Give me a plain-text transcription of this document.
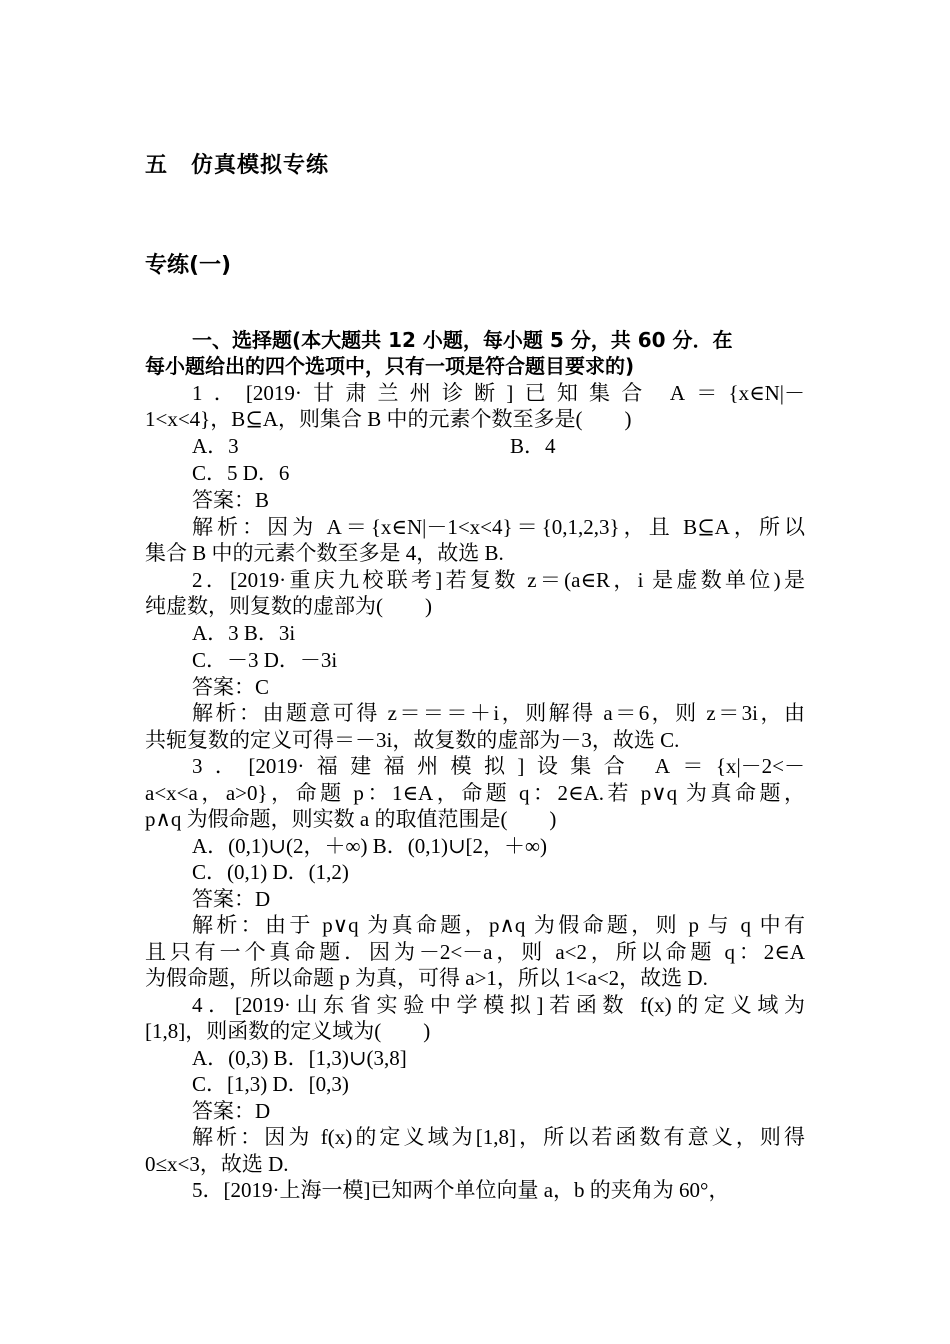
五　仿真模拟专练
专练(一)
一、选择题(本大题共 12 小题，每小题 5 分，共 60 分．在
每小题给出的四个选项中，只有一项是符合题目要求的)
1．[2019·甘肃兰州诊断]已知集合 A＝{x∈N|－
1<x<4}，B⊆A，则集合 B 中的元素个数至多是(　　)
A．3	B．4
C．5 D．6
答案：B
解析：因为 A＝{x∈N|－1<x<4}＝{0,1,2,3}，且 B⊆A，所以
集合 B 中的元素个数至多是 4，故选 B.
2．[2019·重庆九校联考]若复数 z＝(a∈R，i 是虚数单位)是
纯虚数，则复数的虚部为(　　)
A．3 B．3i
C．－3 D．－3i
答案：C
解析：由题意可得 z＝＝＝＋i，则解得 a＝6，则 z＝3i，由
共轭复数的定义可得＝－3i，故复数的虚部为－3，故选 C.
3．[2019·福建福州模拟]设集合 A＝{x|－2<－
a<x<a，a>0}，命题 p：1∈A，命题 q：2∈A.若 p∨q 为真命题，
p∧q 为假命题，则实数 a 的取值范围是(　　)
A．(0,1)∪(2，＋∞) B．(0,1)∪[2，＋∞)
C．(0,1) D．(1,2)
答案：D
解析：由于 p∨q 为真命题，p∧q 为假命题，则 p 与 q 中有
且只有一个真命题．因为－2<－a，则 a<2，所以命题 q：2∈A
为假命题，所以命题 p 为真，可得 a>1，所以 1<a<2，故选 D.
4．[2019·山东省实验中学模拟]若函数 f(x)的定义域为
[1,8]，则函数的定义域为(　　)
A．(0,3) B．[1,3)∪(3,8]
C．[1,3) D．[0,3)
答案：D
解析：因为 f(x)的定义域为[1,8]，所以若函数有意义，则得
0≤x<3，故选 D.
5．[2019·上海一模]已知两个单位向量 a，b 的夹角为 60°，
